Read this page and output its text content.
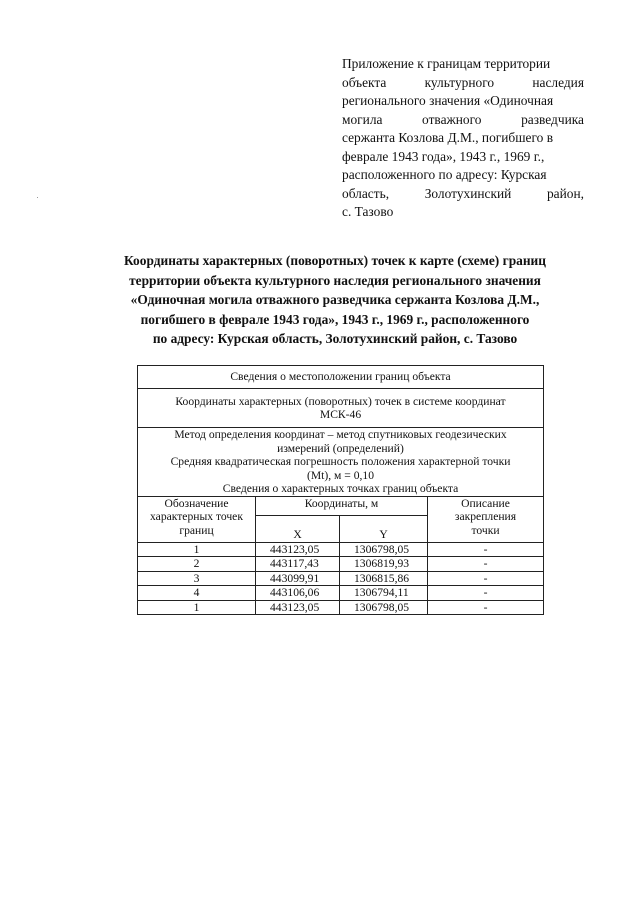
Приложение к границам территории
объекта культурного наследия
регионального значения «Одиночная
могила отважного разведчика
сержанта Козлова Д.М., погибшего в
феврале 1943 года», 1943 г., 1969 г.,
расположенного по адресу: Курская
область, Золотухинский район,
с. Тазово
Координаты характерных (поворотных) точек к карте (схеме) границ
территории объекта культурного наследия регионального значения
«Одиночная могила отважного разведчика сержанта Козлова Д.М.,
погибшего в феврале 1943 года», 1943 г., 1969 г., расположенного
по адресу: Курская область, Золотухинский район, с. Тазово
Сведения о местоположении границ объекта			

Координаты характерных (поворотных) точек в системе координат
МСК-46			

Метод определения координат – метод спутниковых геодезических
измерений (определений)
Средняя квадратическая погрешность положения характерной точки
(Mt), м = 0,10
Сведения о характерных точках границ объекта			

Обозначение
характерных точек
границ	Координаты, м		Описание
закрепления
точки

	X	Y	
1	443123,05	1306798,05	-
2	443117,43	1306819,93	-
3	443099,91	1306815,86	-
4	443106,06	1306794,11	-
1	443123,05	1306798,05	-
